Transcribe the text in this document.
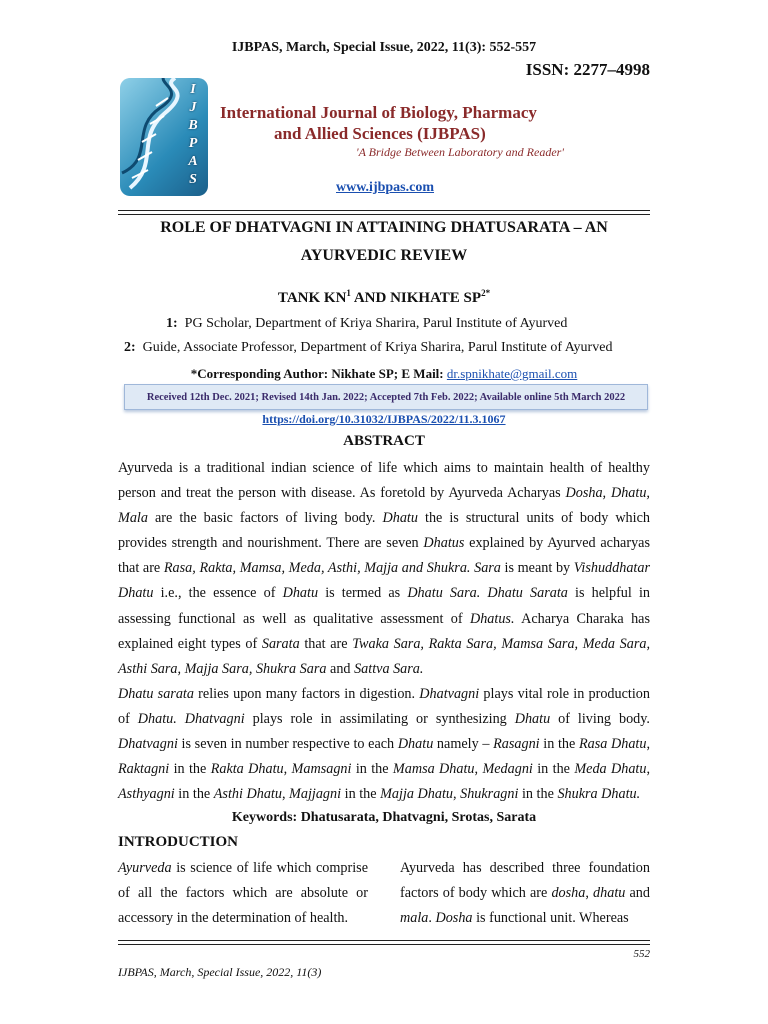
IJBPAS, March, Special Issue, 2022, 11(3): 552-557
ISSN: 2277–4998
I
J
B
P
A
S
International Journal of Biology, Pharmacy
and Allied Sciences (IJBPAS)
'A Bridge Between Laboratory and Reader'
www.ijbpas.com
ROLE OF DHATVAGNI IN ATTAINING DHATUSARATA – AN
AYURVEDIC REVIEW
TANK $KN^1$ AND NIKHATE $SP^{2*}$
1: PG Scholar, Department of Kriya Sharira, Parul Institute of Ayurved
2: Guide, Associate Professor, Department of Kriya Sharira, Parul Institute of Ayurved
*Corresponding Author: Nikhate SP; E Mail: dr.spnikhate@gmail.com
Received 12th Dec. 2021; Revised 14th Jan. 2022; Accepted 7th Feb. 2022; Available online 5th March 2022
https://doi.org/10.31032/IJBPAS/2022/11.3.1067
ABSTRACT
Ayurveda is a traditional indian science of life which aims to maintain health of healthy person and treat the person with disease. As foretold by Ayurveda Acharyas Dosha, Dhatu, Mala are the basic factors of living body. Dhatu the is structural units of body which provides strength and nourishment. There are seven Dhatus explained by Ayurved acharyas that are Rasa, Rakta, Mamsa, Meda, Asthi, Majja and Shukra. Sara is meant by Vishuddhatar Dhatu i.e., the essence of Dhatu is termed as Dhatu Sara. Dhatu Sarata is helpful in assessing functional as well as qualitative assessment of Dhatus. Acharya Charaka has explained eight types of Sarata that are Twaka Sara, Rakta Sara, Mamsa Sara, Meda Sara, Asthi Sara, Majja Sara, Shukra Sara and Sattva Sara.
Dhatu sarata relies upon many factors in digestion. Dhatvagni plays vital role in production of Dhatu. Dhatvagni plays role in assimilating or synthesizing Dhatu of living body. Dhatvagni is seven in number respective to each Dhatu namely – Rasagni in the Rasa Dhatu, Raktagni in the Rakta Dhatu, Mamsagni in the Mamsa Dhatu, Medagni in the Meda Dhatu, Asthyagni in the Asthi Dhatu, Majjagni in the Majja Dhatu, Shukragni in the Shukra Dhatu.
Keywords: Dhatusarata, Dhatvagni, Srotas, Sarata
INTRODUCTION
Ayurveda is science of life which comprise of all the factors which are absolute or accessory in the determination of health.
Ayurveda has described three foundation factors of body which are dosha, dhatu and mala. Dosha is functional unit. Whereas
552
IJBPAS, March, Special Issue, 2022, 11(3)
